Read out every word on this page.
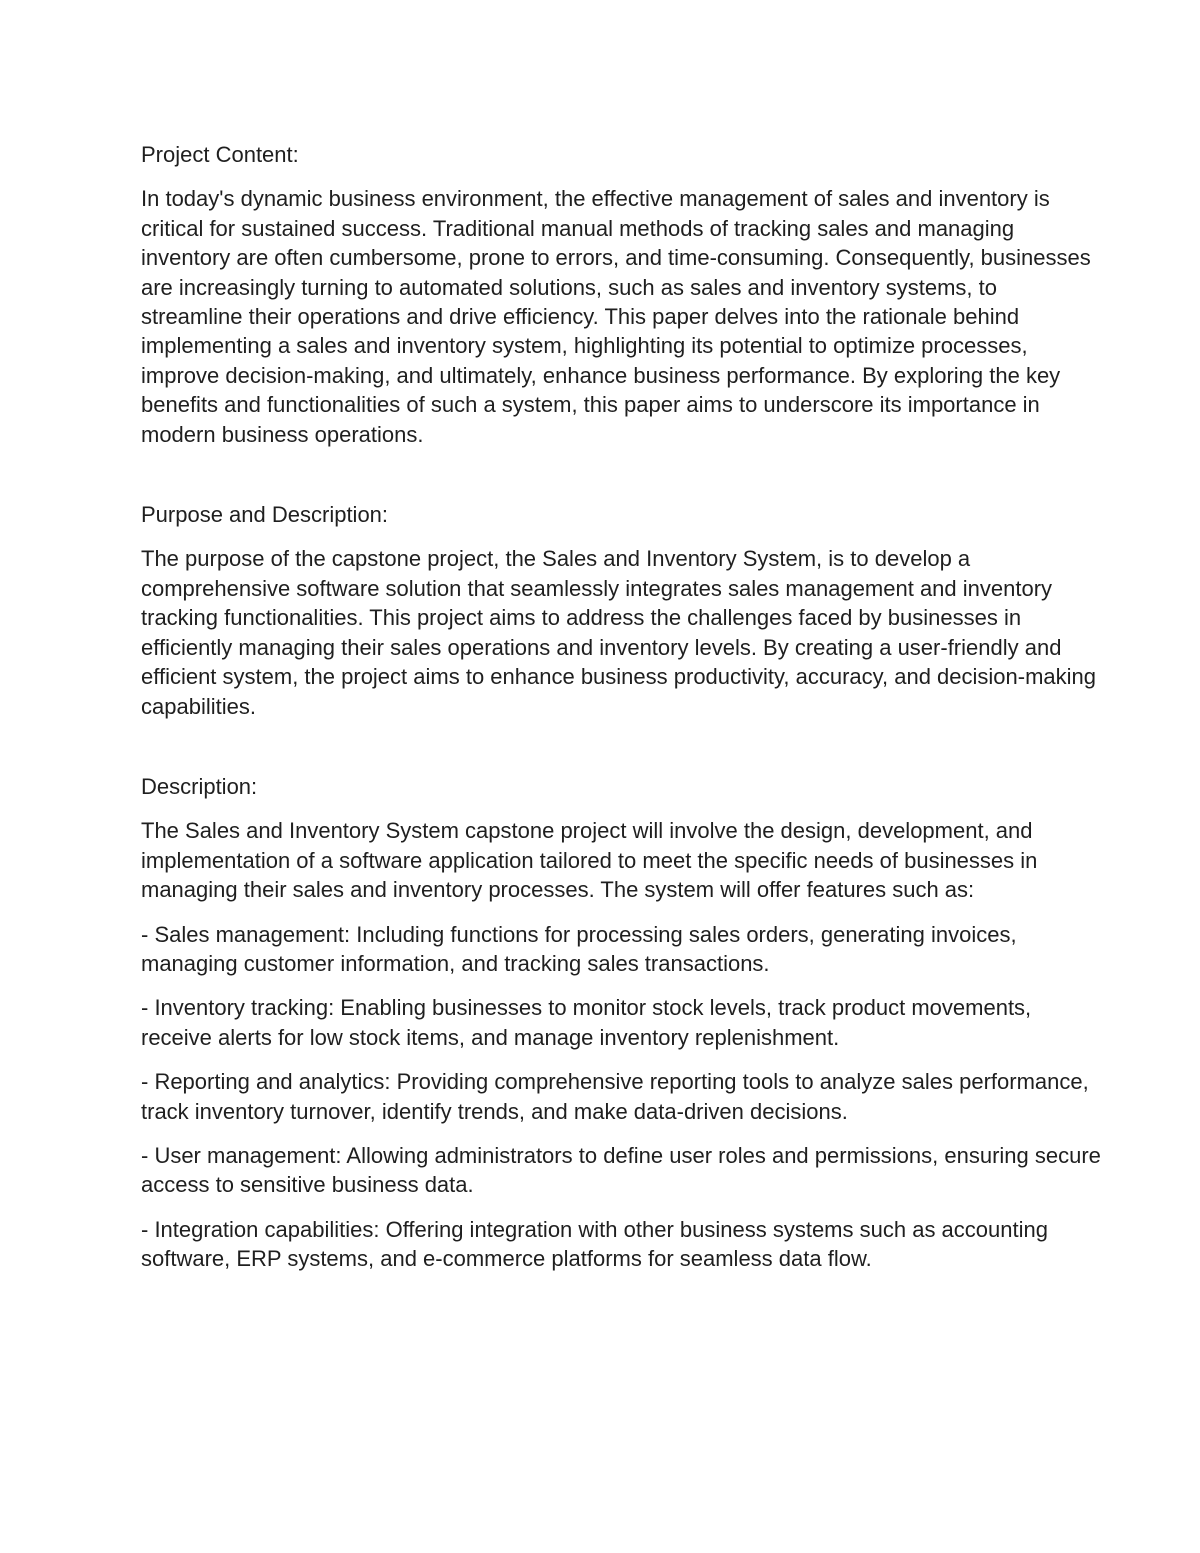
Project Content:
In today's dynamic business environment, the effective management of sales and inventory is critical for sustained success. Traditional manual methods of tracking sales and managing inventory are often cumbersome, prone to errors, and time-consuming. Consequently, businesses are increasingly turning to automated solutions, such as sales and inventory systems, to streamline their operations and drive efficiency. This paper delves into the rationale behind implementing a sales and inventory system, highlighting its potential to optimize processes, improve decision-making, and ultimately, enhance business performance. By exploring the key benefits and functionalities of such a system, this paper aims to underscore its importance in modern business operations.
Purpose and Description:
The purpose of the capstone project, the Sales and Inventory System, is to develop a comprehensive software solution that seamlessly integrates sales management and inventory tracking functionalities. This project aims to address the challenges faced by businesses in efficiently managing their sales operations and inventory levels. By creating a user-friendly and efficient system, the project aims to enhance business productivity, accuracy, and decision-making capabilities.
Description:
The Sales and Inventory System capstone project will involve the design, development, and implementation of a software application tailored to meet the specific needs of businesses in managing their sales and inventory processes. The system will offer features such as:
- Sales management: Including functions for processing sales orders, generating invoices, managing customer information, and tracking sales transactions.
- Inventory tracking: Enabling businesses to monitor stock levels, track product movements, receive alerts for low stock items, and manage inventory replenishment.
- Reporting and analytics: Providing comprehensive reporting tools to analyze sales performance, track inventory turnover, identify trends, and make data-driven decisions.
- User management: Allowing administrators to define user roles and permissions, ensuring secure access to sensitive business data.
- Integration capabilities: Offering integration with other business systems such as accounting software, ERP systems, and e-commerce platforms for seamless data flow.
